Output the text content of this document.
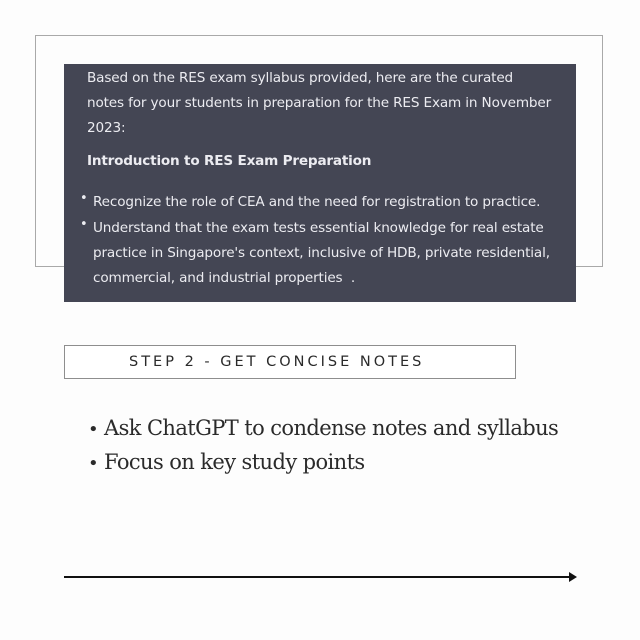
Based on the RES exam syllabus provided, here are the curated notes for your students in preparation for the RES Exam in November 2023:

Introduction to RES Exam Preparation

• Recognize the role of CEA and the need for registration to practice.
• Understand that the exam tests essential knowledge for real estate practice in Singapore's context, inclusive of HDB, private residential, commercial, and industrial properties  .
STEP 2 - GET CONCISE NOTES
• Ask ChatGPT to condense notes and syllabus
• Focus on key study points
